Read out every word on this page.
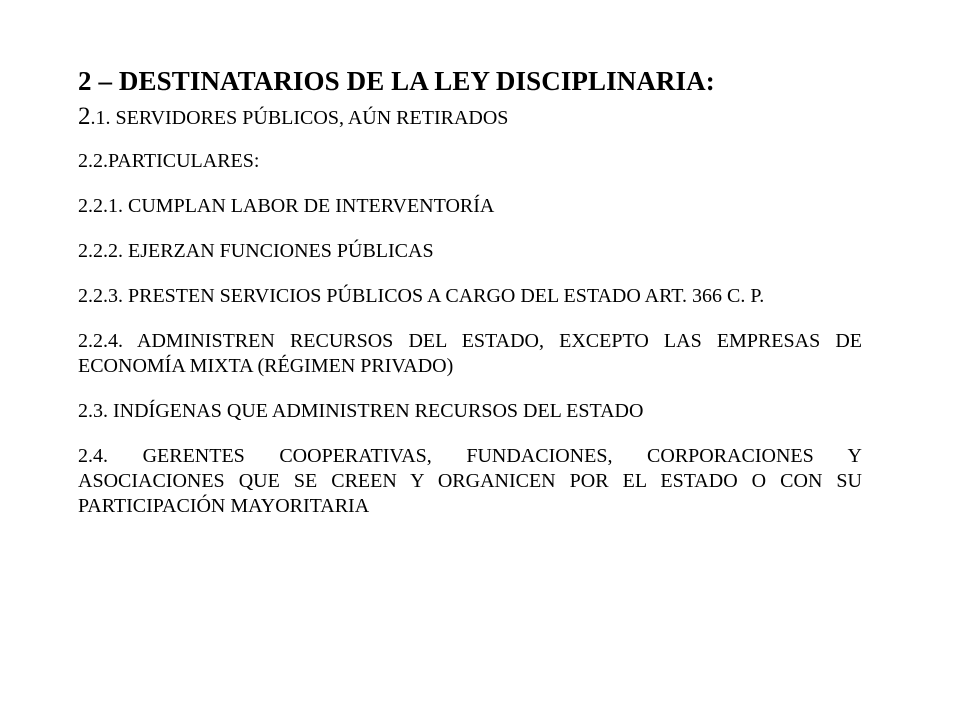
2 – DESTINATARIOS DE LA LEY DISCIPLINARIA:
2.1. SERVIDORES PÚBLICOS, AÚN RETIRADOS
2.2.PARTICULARES:
2.2.1. CUMPLAN LABOR DE INTERVENTORÍA
2.2.2. EJERZAN FUNCIONES PÚBLICAS
2.2.3. PRESTEN SERVICIOS PÚBLICOS A CARGO DEL ESTADO ART. 366 C. P.
2.2.4. ADMINISTREN RECURSOS DEL ESTADO, EXCEPTO LAS EMPRESAS DE ECONOMÍA MIXTA (RÉGIMEN PRIVADO)
2.3. INDÍGENAS QUE ADMINISTREN RECURSOS DEL ESTADO
2.4. GERENTES COOPERATIVAS, FUNDACIONES, CORPORACIONES Y ASOCIACIONES QUE SE CREEN Y ORGANICEN POR EL ESTADO O CON SU PARTICIPACIÓN MAYORITARIA
